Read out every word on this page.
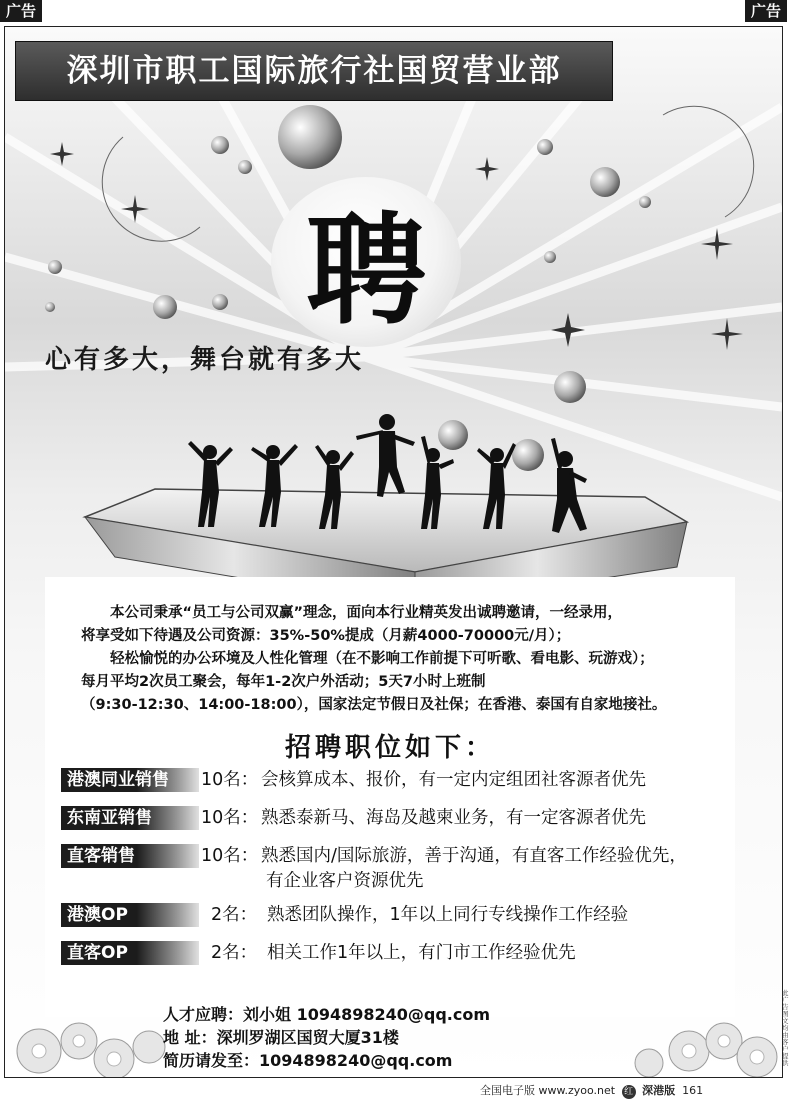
广告	广告
深圳市职工国际旅行社国贸营业部
聘
心有多大，舞台就有多大

　　本公司秉承“员工与公司双赢”理念，面向本行业精英发出诚聘邀请，一经录用，

将享受如下待遇及公司资源：35%-50%提成（月薪4000-70000元/月）；

　　轻松愉悦的办公环境及人性化管理（在不影响工作前提下可听歌、看电影、玩游戏）；

每月平均2次员工聚会，每年1-2次户外活动；5天7小时上班制

（9:30-12:30、14:00-18:00），国家法定节假日及社保；在香港、泰国有自家地接社。

招聘职位如下：
港澳同业销售	10名： 会核算成本、报价，有一定内定组团社客源者优先
东南亚销售	10名： 熟悉泰新马、海岛及越柬业务，有一定客源者优先
直客销售	10名： 熟悉国内/国际旅游，善于沟通，有直客工作经验优先，
有企业客户资源优先
港澳OP	2名： 熟悉团队操作，1年以上同行专线操作工作经验
直客OP	2名： 相关工作1年以上，有门市工作经验优先
人才应聘：刘小姐 1094898240@qq.com
地 址：深圳罗湖区国贸大厦31楼
简历请发至：1094898240@qq.com
此广告图文均由客户提供
全国电子版 www.zyoo.net 红 深港版 161
